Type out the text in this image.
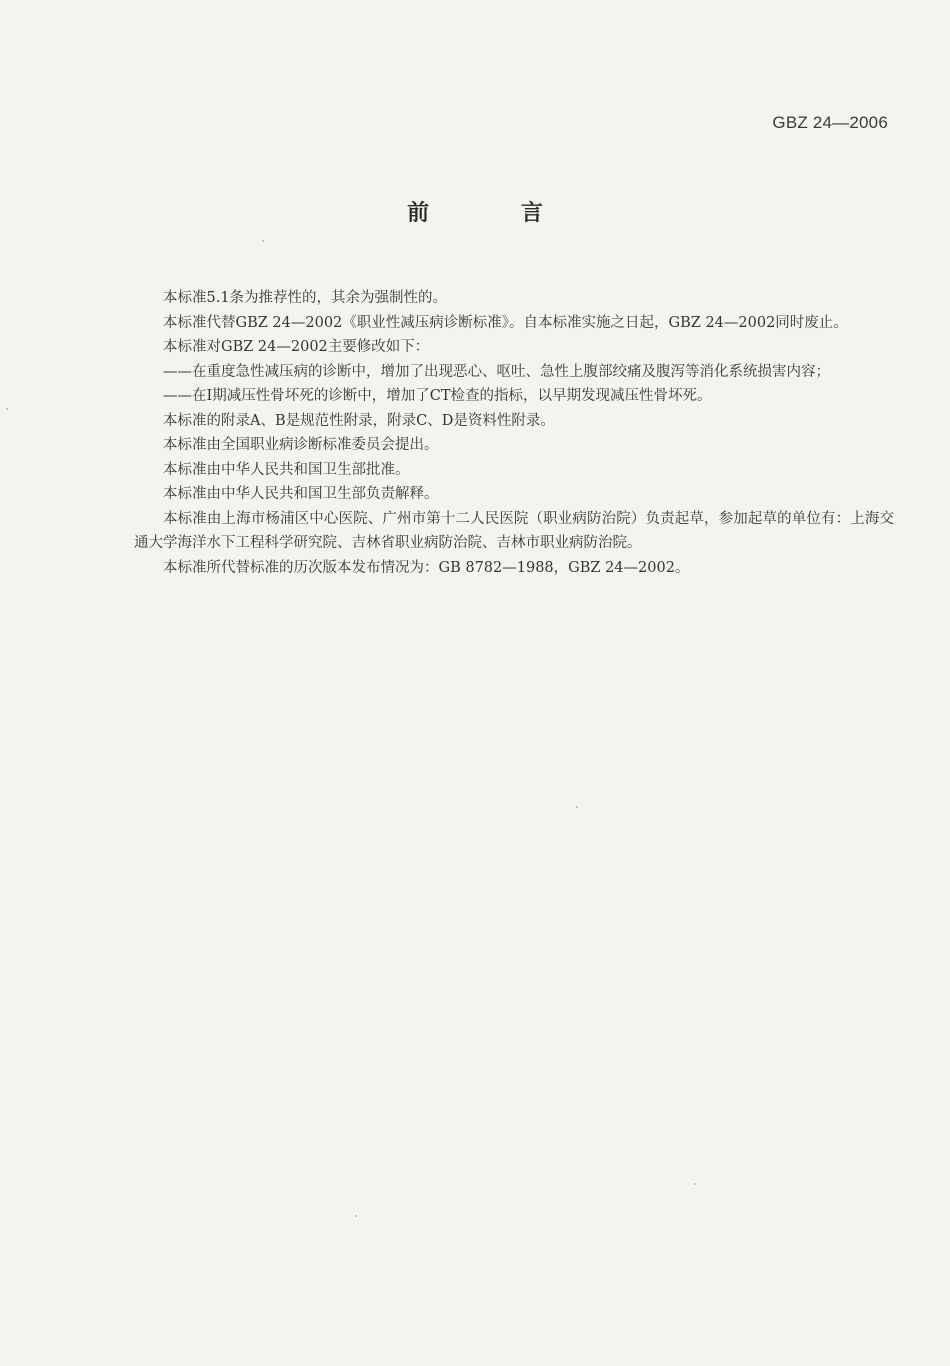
GBZ 24—2006
前 言

本标准5.1条为推荐性的，其余为强制性的。

本标准代替GBZ 24—2002《职业性减压病诊断标准》。自本标准实施之日起，GBZ 24—2002同时废止。

本标准对GBZ 24—2002主要修改如下：

——在重度急性减压病的诊断中，增加了出现恶心、呕吐、急性上腹部绞痛及腹泻等消化系统损害内容；

——在Ⅰ期减压性骨坏死的诊断中，增加了CT检查的指标，以早期发现减压性骨坏死。

本标准的附录A、B是规范性附录，附录C、D是资料性附录。

本标准由全国职业病诊断标准委员会提出。

本标准由中华人民共和国卫生部批准。

本标准由中华人民共和国卫生部负责解释。

本标准由上海市杨浦区中心医院、广州市第十二人民医院（职业病防治院）负责起草，参加起草的单位有：上海交通大学海洋水下工程科学研究院、吉林省职业病防治院、吉林市职业病防治院。

本标准所代替标准的历次版本发布情况为：GB 8782—1988，GBZ 24—2002。
